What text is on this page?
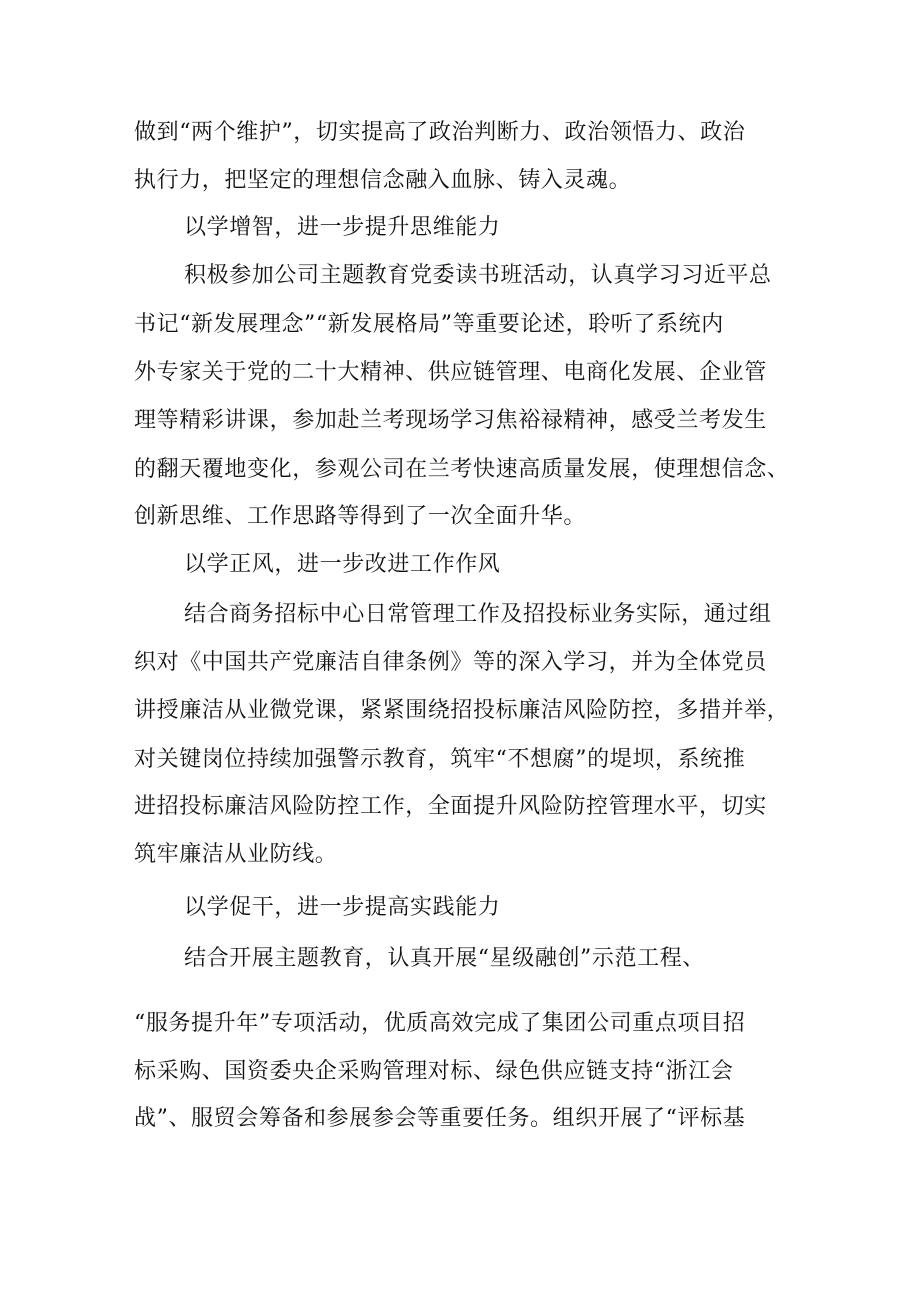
做到“两个维护”，切实提高了政治判断力、政治领悟力、政治
执行力，把坚定的理想信念融入血脉、铸入灵魂。
以学增智，进一步提升思维能力
积极参加公司主题教育党委读书班活动，认真学习习近平总
书记“新发展理念”“新发展格局”等重要论述，聆听了系统内
外专家关于党的二十大精神、供应链管理、电商化发展、企业管
理等精彩讲课，参加赴兰考现场学习焦裕禄精神，感受兰考发生
的翻天覆地变化，参观公司在兰考快速高质量发展，使理想信念、
创新思维、工作思路等得到了一次全面升华。
以学正风，进一步改进工作作风
结合商务招标中心日常管理工作及招投标业务实际，通过组
织对《中国共产党廉洁自律条例》等的深入学习，并为全体党员
讲授廉洁从业微党课，紧紧围绕招投标廉洁风险防控，多措并举，
对关键岗位持续加强警示教育，筑牢“不想腐”的堤坝，系统推
进招投标廉洁风险防控工作，全面提升风险防控管理水平，切实
筑牢廉洁从业防线。
以学促干，进一步提高实践能力
结合开展主题教育，认真开展“星级融创”示范工程、
“服务提升年”专项活动，优质高效完成了集团公司重点项目招
标采购、国资委央企采购管理对标、绿色供应链支持“浙江会
战”、服贸会筹备和参展参会等重要任务。组织开展了“评标基
